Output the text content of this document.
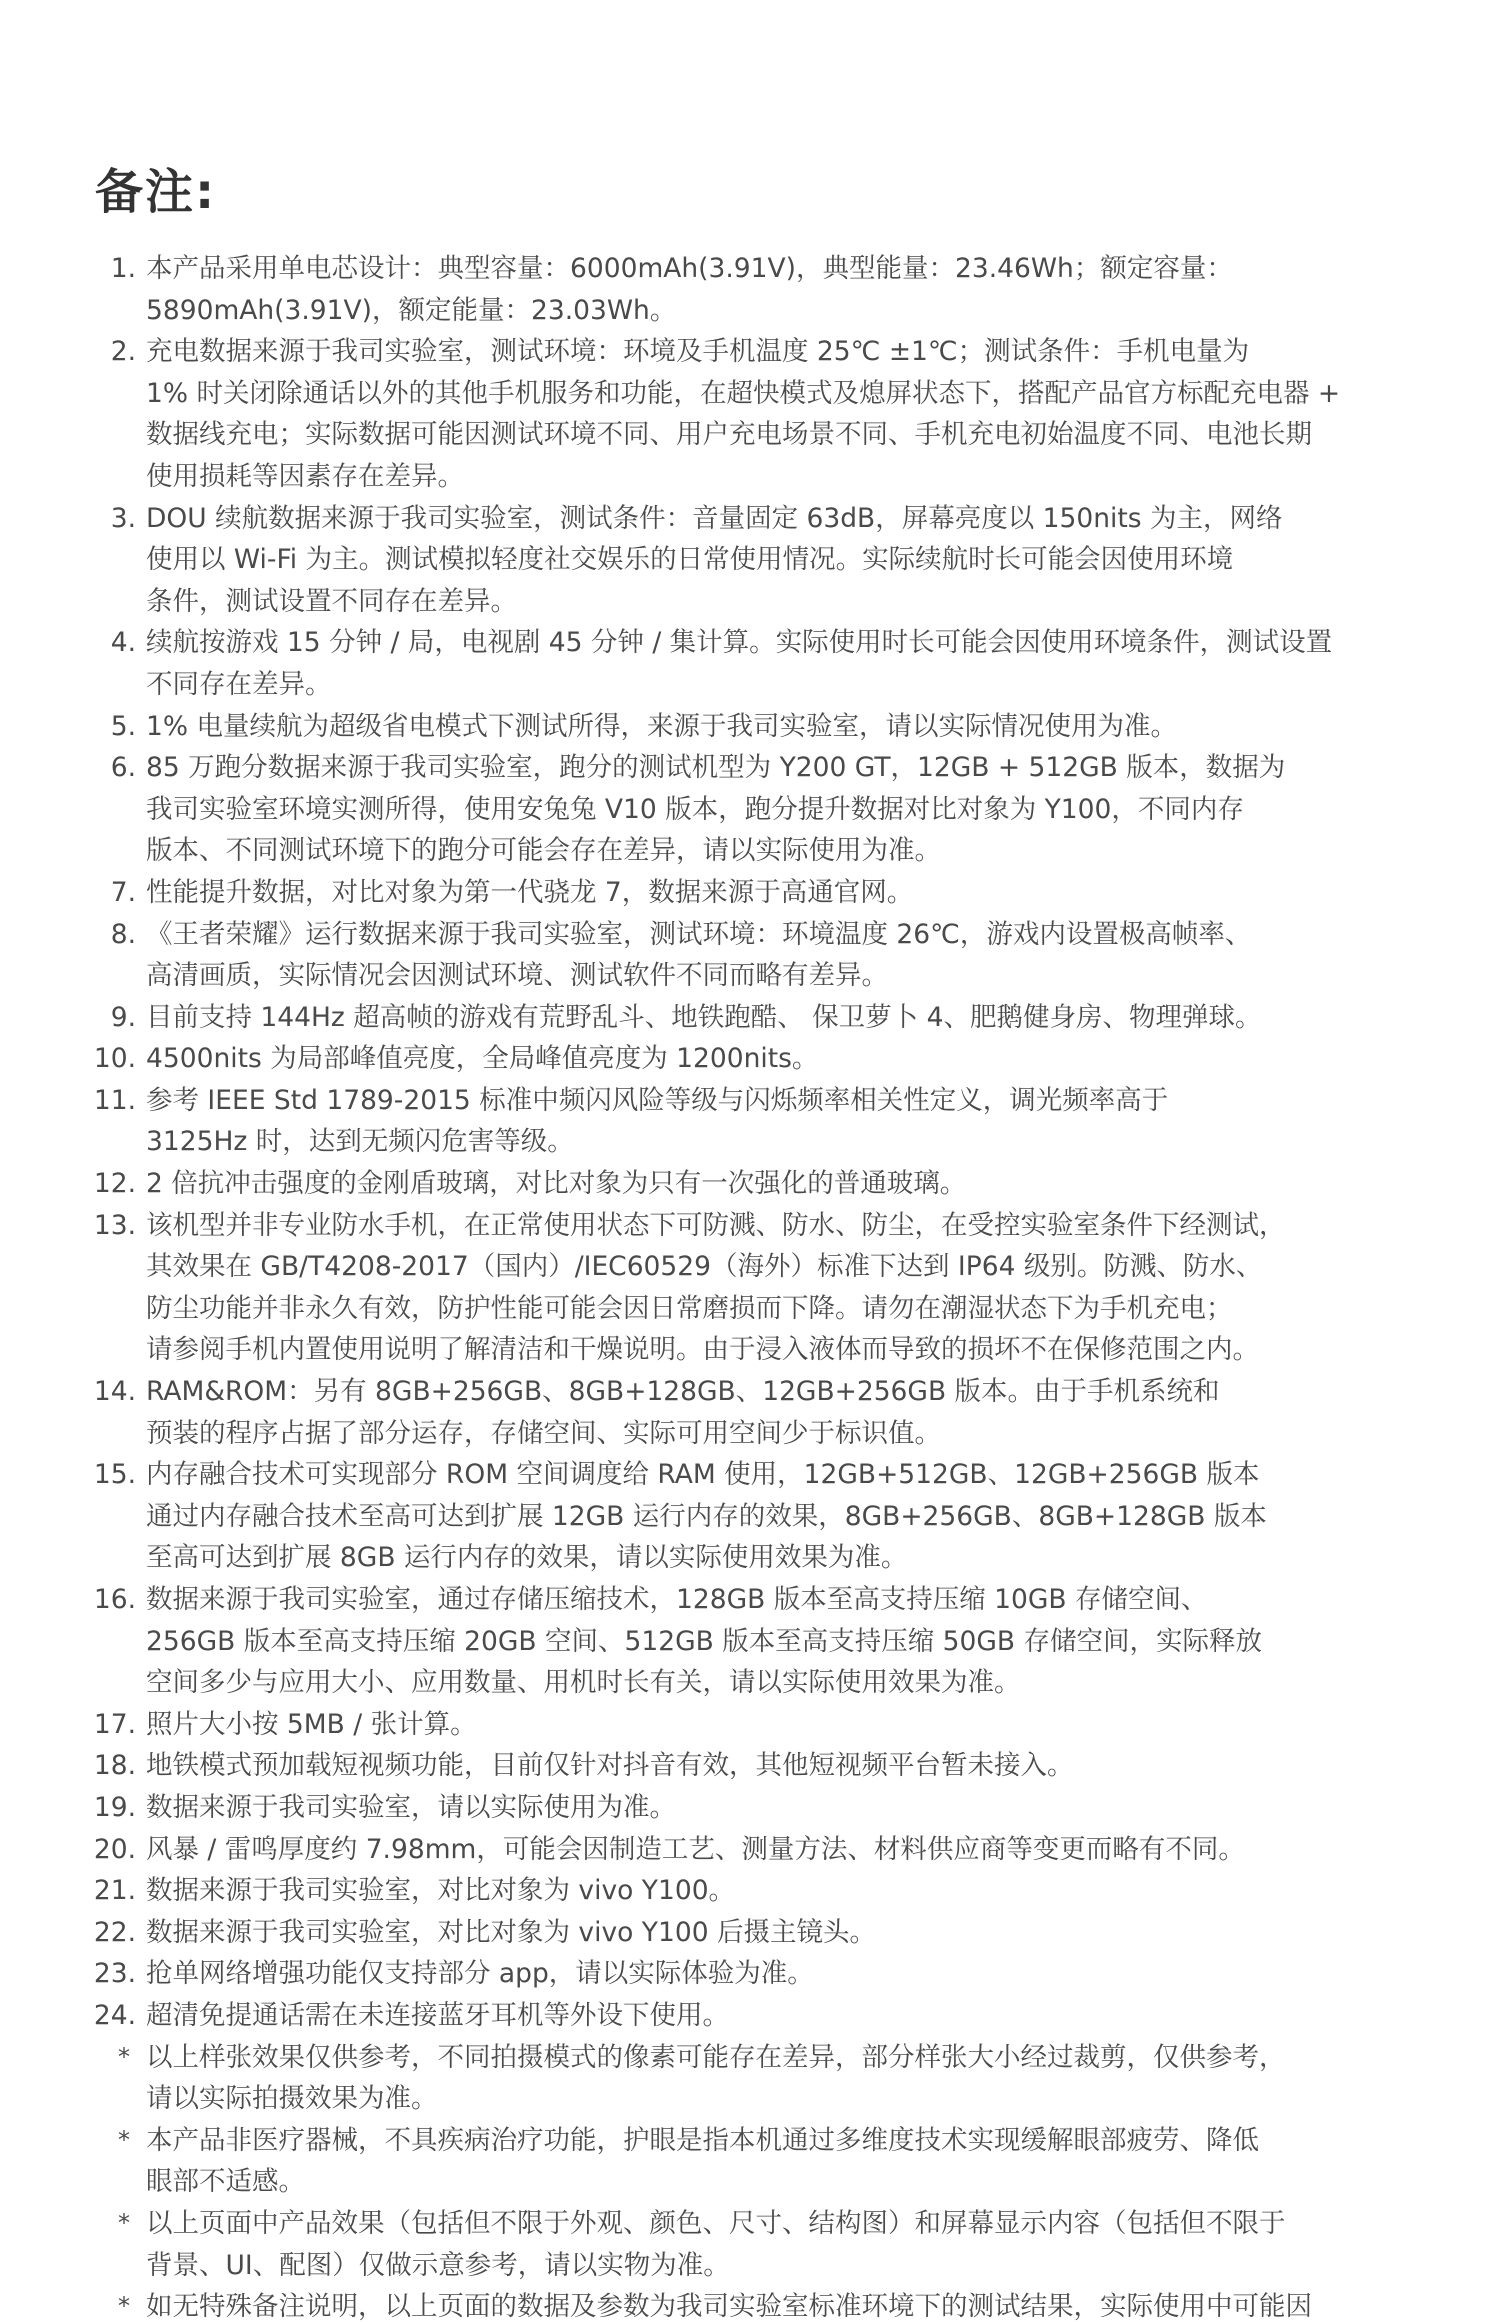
备注:
1. 本产品采用单电芯设计：典型容量：6000mAh(3.91V)，典型能量：23.46Wh；额定容量：
5890mAh(3.91V)，额定能量：23.03Wh。
2. 充电数据来源于我司实验室，测试环境：环境及手机温度 25℃ ±1℃；测试条件：手机电量为
1% 时关闭除通话以外的其他手机服务和功能，在超快模式及熄屏状态下，搭配产品官方标配充电器 +
数据线充电；实际数据可能因测试环境不同、用户充电场景不同、手机充电初始温度不同、电池长期
使用损耗等因素存在差异。
3. DOU 续航数据来源于我司实验室，测试条件：音量固定 63dB，屏幕亮度以 150nits 为主，网络
使用以 Wi-Fi 为主。测试模拟轻度社交娱乐的日常使用情况。实际续航时长可能会因使用环境
条件，测试设置不同存在差异。
4. 续航按游戏 15 分钟 / 局，电视剧 45 分钟 / 集计算。实际使用时长可能会因使用环境条件，测试设置
不同存在差异。
5. 1% 电量续航为超级省电模式下测试所得，来源于我司实验室，请以实际情况使用为准。
6. 85 万跑分数据来源于我司实验室，跑分的测试机型为 Y200 GT，12GB + 512GB 版本，数据为
我司实验室环境实测所得，使用安兔兔 V10 版本，跑分提升数据对比对象为 Y100，不同内存
版本、不同测试环境下的跑分可能会存在差异，请以实际使用为准。
7. 性能提升数据，对比对象为第一代骁龙 7，数据来源于高通官网。
8. 《王者荣耀》运行数据来源于我司实验室，测试环境：环境温度 26℃，游戏内设置极高帧率、
高清画质，实际情况会因测试环境、测试软件不同而略有差异。
9. 目前支持 144Hz 超高帧的游戏有荒野乱斗、地铁跑酷、 保卫萝卜 4、肥鹅健身房、物理弹球。
10. 4500nits 为局部峰值亮度，全局峰值亮度为 1200nits。
11. 参考 IEEE Std 1789-2015 标准中频闪风险等级与闪烁频率相关性定义，调光频率高于
3125Hz 时，达到无频闪危害等级。
12. 2 倍抗冲击强度的金刚盾玻璃，对比对象为只有一次强化的普通玻璃。
13. 该机型并非专业防水手机，在正常使用状态下可防溅、防水、防尘，在受控实验室条件下经测试，
其效果在 GB/T4208-2017（国内）/IEC60529（海外）标准下达到 IP64 级别。防溅、防水、
防尘功能并非永久有效，防护性能可能会因日常磨损而下降。请勿在潮湿状态下为手机充电；
请参阅手机内置使用说明了解清洁和干燥说明。由于浸入液体而导致的损坏不在保修范围之内。
14. RAM&ROM：另有 8GB+256GB、8GB+128GB、12GB+256GB 版本。由于手机系统和
预装的程序占据了部分运存，存储空间、实际可用空间少于标识值。
15. 内存融合技术可实现部分 ROM 空间调度给 RAM 使用，12GB+512GB、12GB+256GB 版本
通过内存融合技术至高可达到扩展 12GB 运行内存的效果，8GB+256GB、8GB+128GB 版本
至高可达到扩展 8GB 运行内存的效果，请以实际使用效果为准。
16. 数据来源于我司实验室，通过存储压缩技术，128GB 版本至高支持压缩 10GB 存储空间、
256GB 版本至高支持压缩 20GB 空间、512GB 版本至高支持压缩 50GB 存储空间，实际释放
空间多少与应用大小、应用数量、用机时长有关，请以实际使用效果为准。
17. 照片大小按 5MB / 张计算。
18. 地铁模式预加载短视频功能，目前仅针对抖音有效，其他短视频平台暂未接入。
19. 数据来源于我司实验室，请以实际使用为准。
20. 风暴 / 雷鸣厚度约 7.98mm，可能会因制造工艺、测量方法、材料供应商等变更而略有不同。
21. 数据来源于我司实验室，对比对象为 vivo Y100。
22. 数据来源于我司实验室，对比对象为 vivo Y100 后摄主镜头。
23. 抢单网络增强功能仅支持部分 app，请以实际体验为准。
24. 超清免提通话需在未连接蓝牙耳机等外设下使用。
* 以上样张效果仅供参考，不同拍摄模式的像素可能存在差异，部分样张大小经过裁剪，仅供参考，
请以实际拍摄效果为准。
* 本产品非医疗器械，不具疾病治疗功能，护眼是指本机通过多维度技术实现缓解眼部疲劳、降低
眼部不适感。
* 以上页面中产品效果（包括但不限于外观、颜色、尺寸、结构图）和屏幕显示内容（包括但不限于
背景、UI、配图）仅做示意参考，请以实物为准。
* 如无特殊备注说明，以上页面的数据及参数为我司实验室标准环境下的测试结果，实际使用中可能因
